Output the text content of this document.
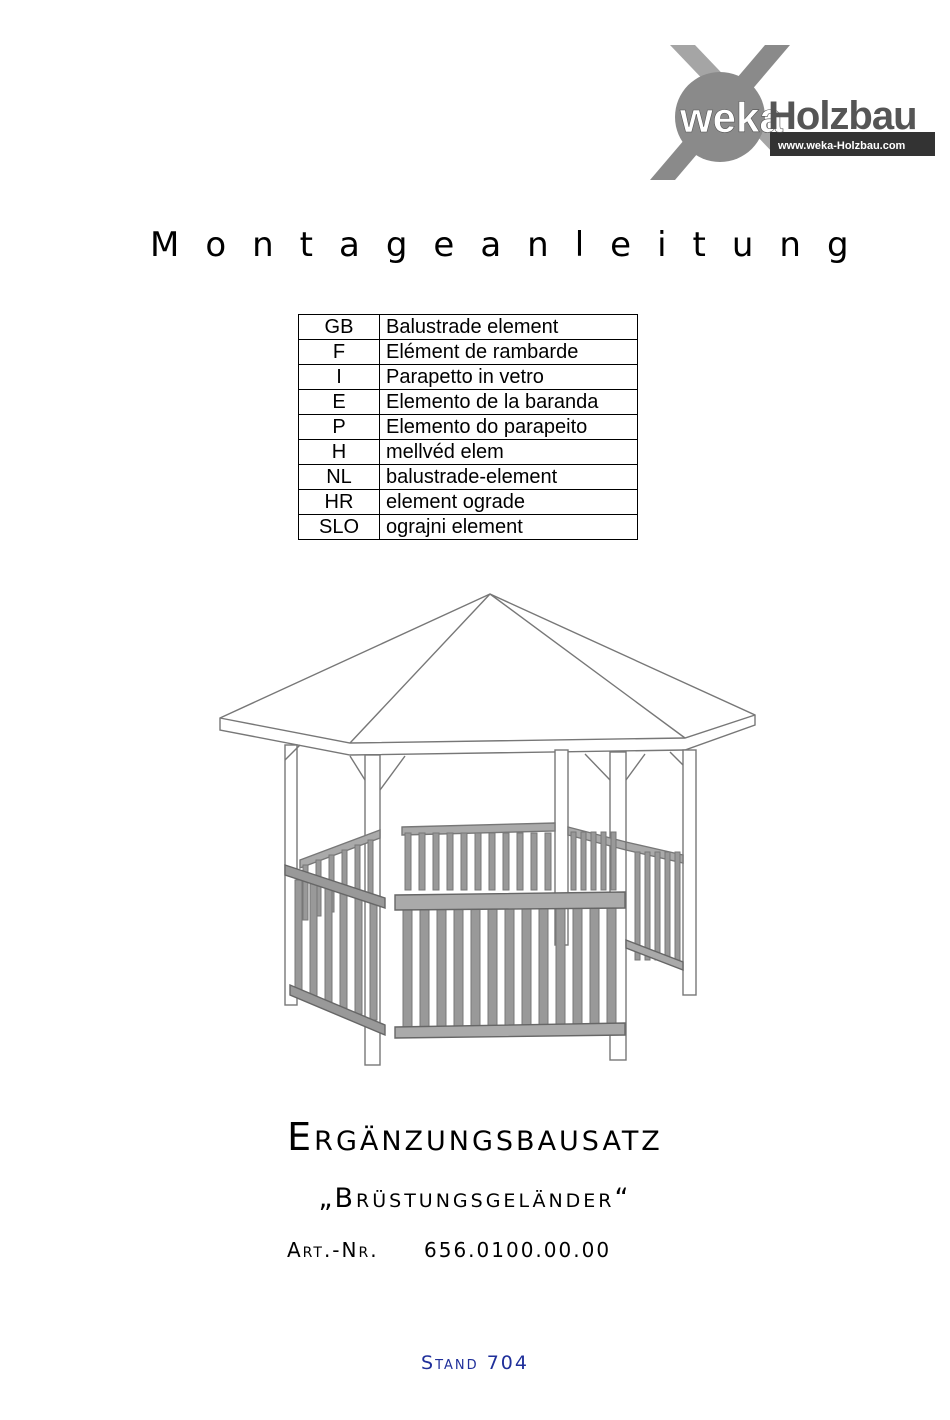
weka
Holzbau
www.weka-Holzbau.com
Montageanleitung
GB	Balustrade element
F	Elément de rambarde
I	Parapetto in vetro
E	Elemento de la baranda
P	Elemento do parapeito
H	mellvéd elem
NL	balustrade-element
HR	element ograde
SLO	ograjni element
Ergänzungsbausatz
„Brüstungsgeländer“
Art.-Nr. 656.0100.00.00
Stand 704
